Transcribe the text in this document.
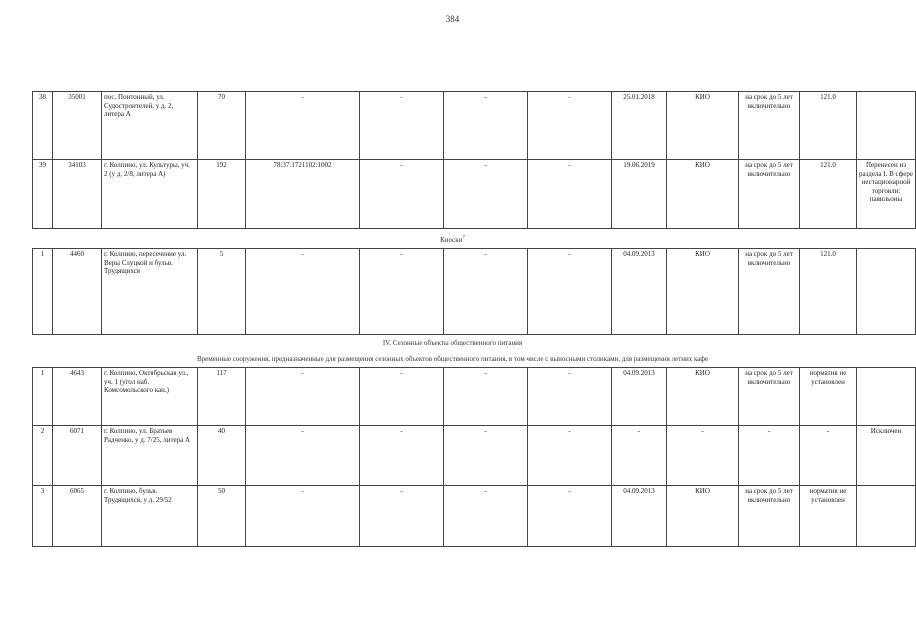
384
38	35001	пос. Понтонный, ул. Судостроителей, у д. 2, литера А	70	-	-	-	-	25.01.2018	КИО	на срок до 5 лет включительно	121.0	
39	34103	г. Колпино, ул. Культуры, уч. 2 (у д. 2/8, литера А)	192	78:37:1721102:1002	-	-	-	19.06.2019	КИО	на срок до 5 лет включительно	121.0	Перенесен из раздела I. В сфере нестационарной торговли: павильоны
Киоски$^7$
1	4460	г. Колпино, пересечение ул. Веры Слуцкой и бульв. Трудящихся	5	-	-	-	-	04.09.2013	КИО	на срок до 5 лет включительно	121.0	
IV. Сезонные объекты общественного питания
Временные сооружения, предназначенные для размещения сезонных объектов общественного питания, в том числе с выносными столиками, для размещения летних кафе
1	4643	г. Колпино, Октябрьская ул., уч. 1 (угол наб. Комсомольского кан.)	117	-	-	-	-	04.09.2013	КИО	на срок до 5 лет включительно	норматив не установлен	
2	6071	г. Колпино, ул. Братьев Радченко, у д. 7/25, литера А	40	-	-	-	-	-	-	-	-	Исключен
3	6065	г. Колпино, бульв. Трудящихся, у д. 29/52	50	-	-	-	-	04.09.2013	КИО	на срок до 5 лет включительно	норматив не установлен	
